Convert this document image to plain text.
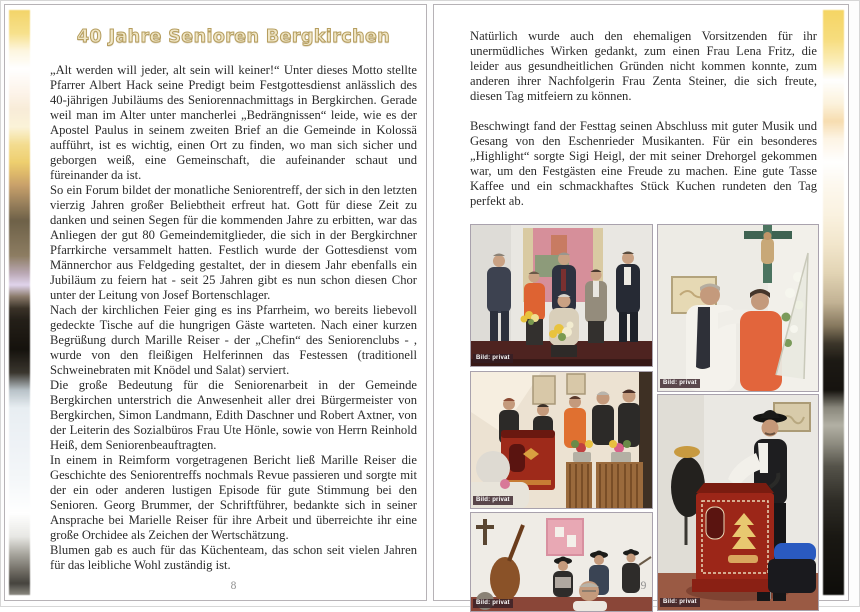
40 Jahre Senioren Bergkirchen

„Alt werden will jeder, alt sein will keiner!“ Unter dieses Motto stellte Pfarrer Albert Hack seine Predigt beim Festgottesdienst anlässlich des 40-jährigen Jubiläums des Seniorennachmittags in Bergkirchen. Gerade weil man im Alter unter mancherlei „Bedrängnissen“ leide, wie es der Apostel Paulus in seinem zweiten Brief an die Gemeinde in Kolossä aufführt, ist es wichtig, einen Ort zu finden, wo man sich sicher und geborgen weiß, eine Gemeinschaft, die aufeinander schaut und füreinander da ist.

So ein Forum bildet der monatliche Seniorentreff, der sich in den letzten vierzig Jahren großer Beliebtheit erfreut hat. Gott für diese Zeit zu danken und seinen Segen für die kommenden Jahre zu erbitten, war das Anliegen der gut 80 Gemeindemitglieder, die sich in der Bergkirchner Pfarrkirche versammelt hatten. Festlich wurde der Gottesdienst vom Männerchor aus Feldgeding gestaltet, der in diesem Jahr ebenfalls ein Jubiläum zu feiern hat - seit 25 Jahren gibt es nun schon diesen Chor unter der Leitung von Josef Bortenschlager.

Nach der kirchlichen Feier ging es ins Pfarrheim, wo bereits liebevoll gedeckte Tische auf die hungrigen Gäste warteten. Nach einer kurzen Begrüßung durch Marille Reiser - der „Chefin“ des Seniorenclubs - , wurde von den fleißigen Helferinnen das Festessen (traditionell Schweinebraten mit Knödel und Salat) serviert.

Die große Bedeutung für die Seniorenarbeit in der Gemeinde Bergkirchen unterstrich die Anwesenheit aller drei Bürgermeister von Bergkirchen, Simon Landmann, Edith Daschner und Robert Axtner, von der Leiterin des Sozialbüros Frau Ute Hönle, sowie von Herrn Reinhold Heiß, dem Seniorenbeauftragten.

In einem in Reimform vorgetragenen Bericht ließ Marille Reiser die Geschichte des Seniorentreffs nochmals Revue passieren und sorgte mit der ein oder anderen lustigen Episode für gute Stimmung bei den Senioren. Georg Brummer, der Schriftführer, bedankte sich in seiner Ansprache bei Marielle Reiser für ihre Arbeit und überreichte ihr eine große Orchidee als Zeichen der Wertschätzung.

Blumen gab es auch für das Küchenteam, das schon seit vielen Jahren für das leibliche Wohl zuständig ist.

8

Natürlich wurde auch den ehemaligen Vorsitzenden für ihr unermüdliches Wirken gedankt, zum einen Frau Lena Fritz, die leider aus gesundheitlichen Gründen nicht kommen konnte, zum anderen ihrer Nachfolgerin Frau Zenta Steiner, die sich freute, diesen Tag mitfeiern zu können.

Beschwingt fand der Festtag seinen Abschluss mit guter Musik und Gesang von den Eschenrieder Musikanten. Für ein besonderes „Highlight“ sorgte Sigi Heigl, der mit seiner Drehorgel gekommen war, um den Festgästen eine Freude zu machen. Eine gute Tasse Kaffee und ein schmackhaftes Stück Kuchen rundeten den Tag perfekt ab.

Bild: privat
Bild: privat
Bild: privat
Bild: privat	Bild: privat
9
